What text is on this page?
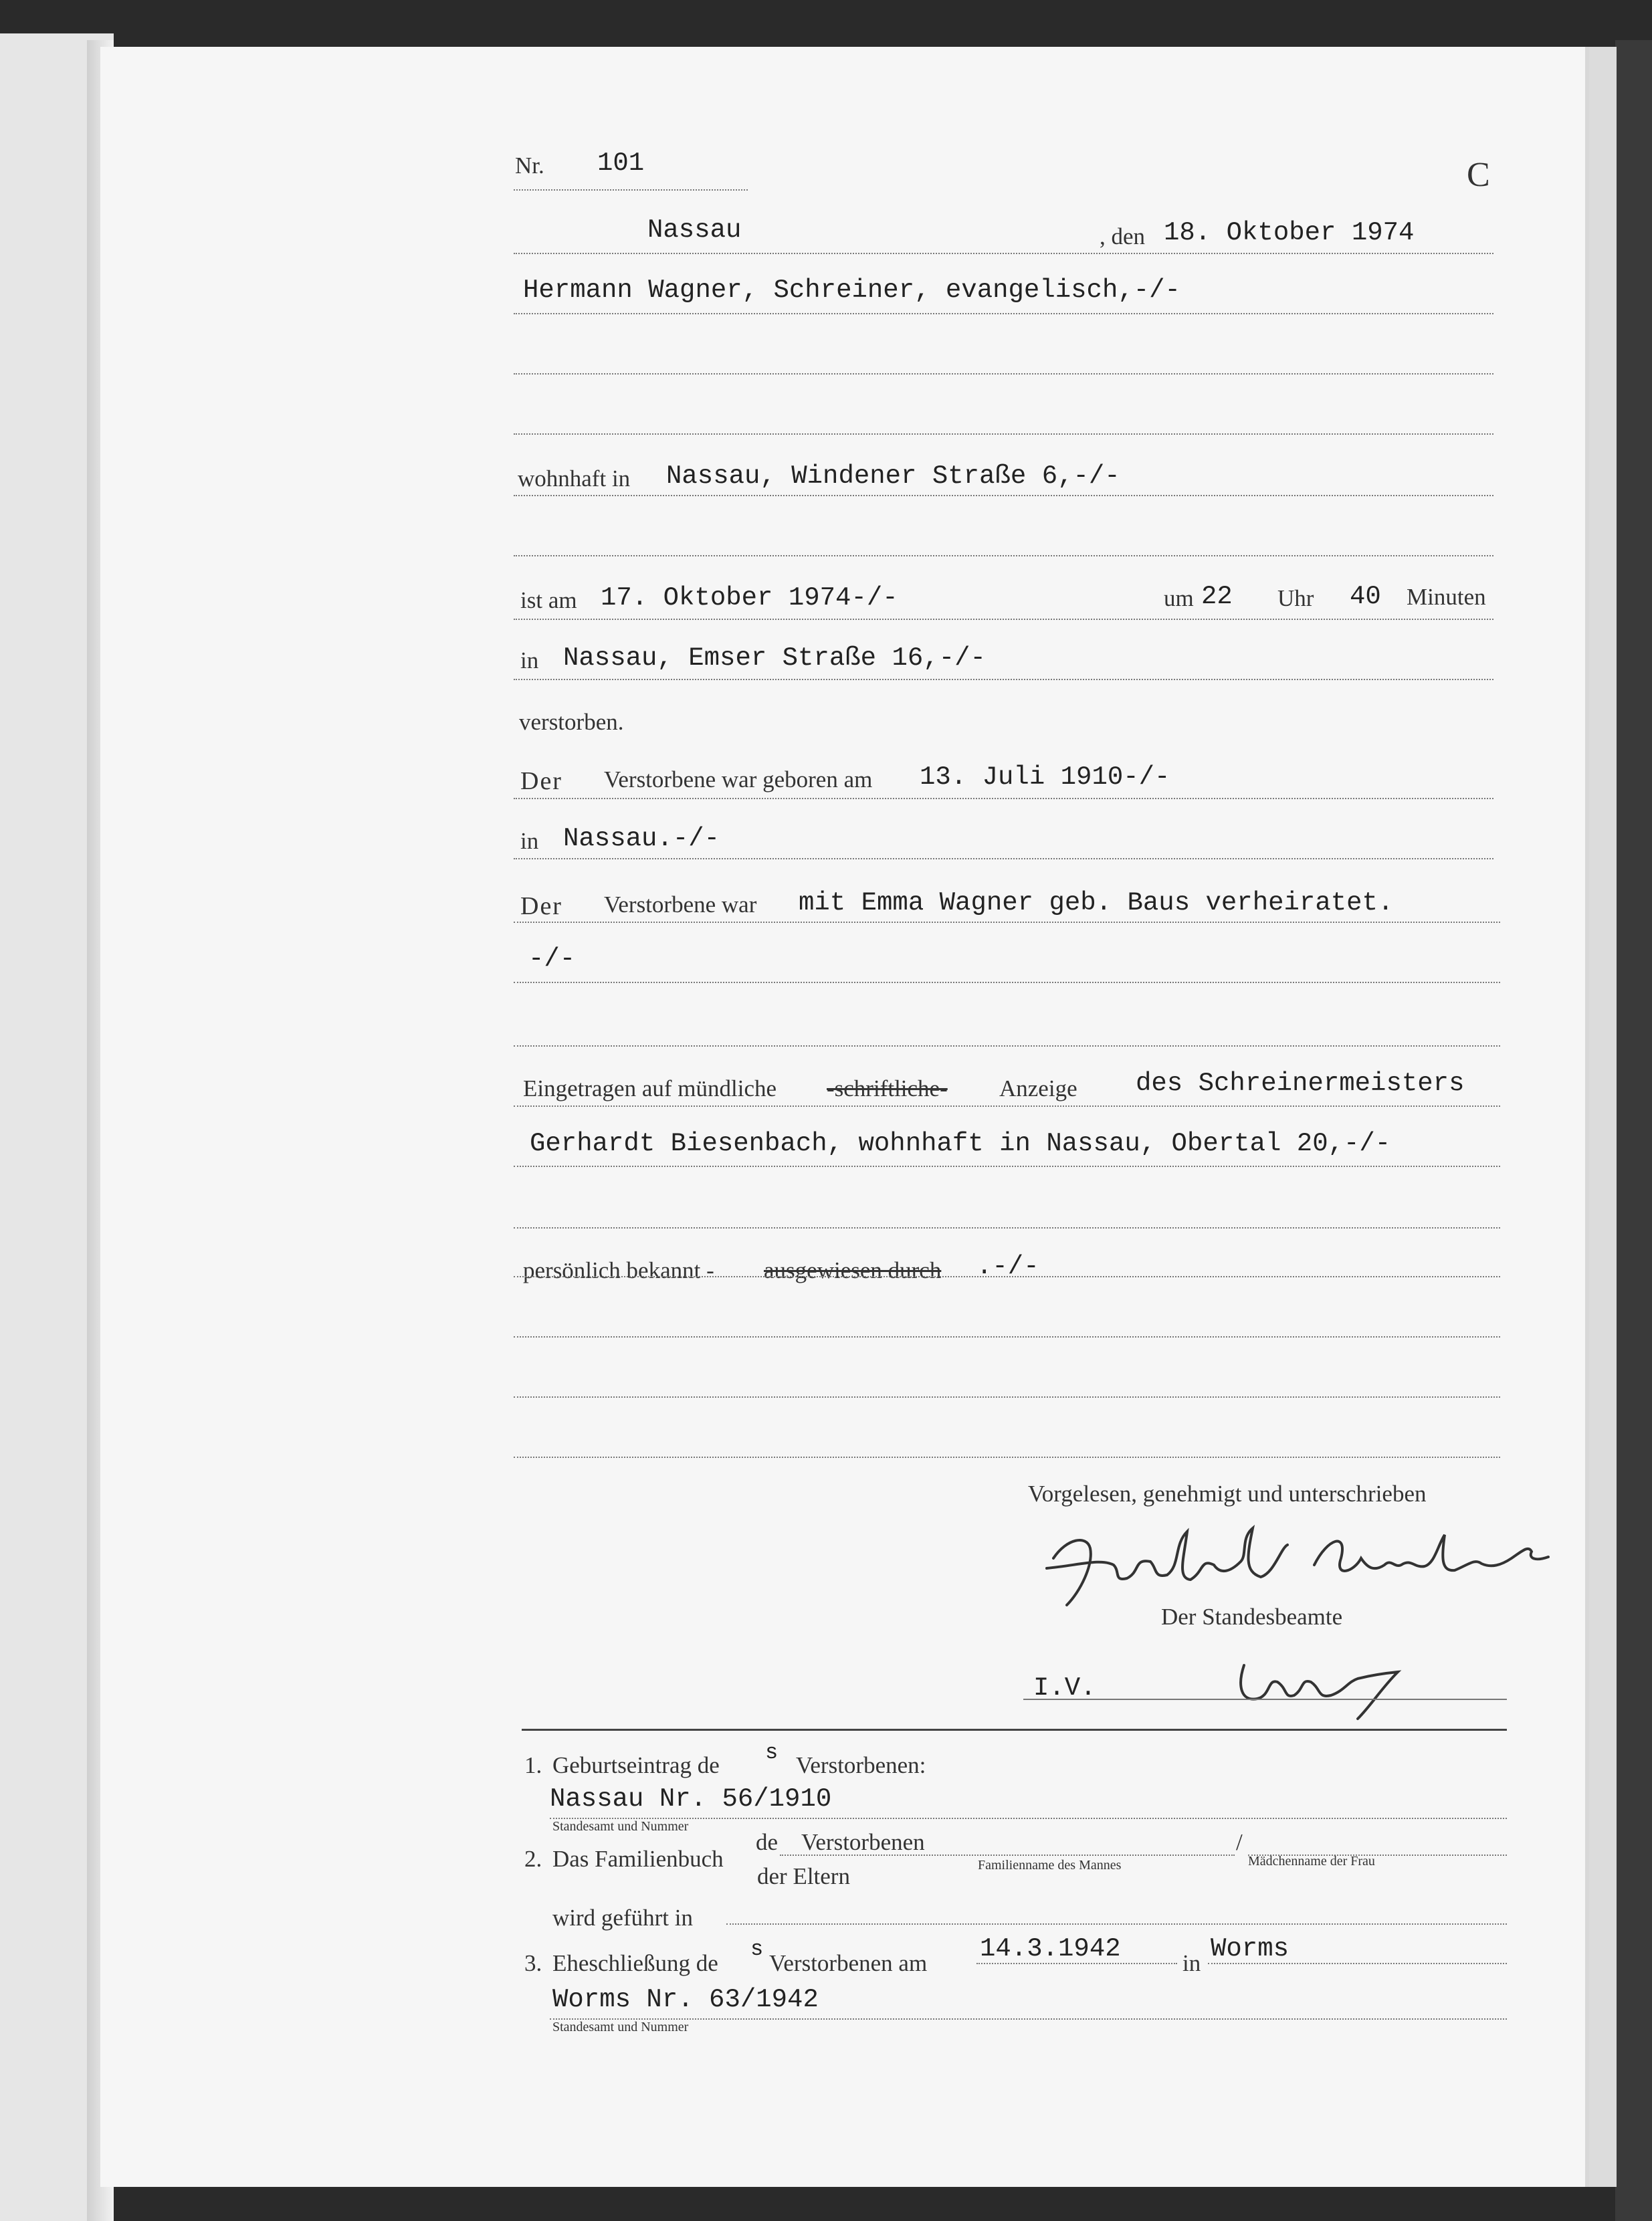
Nr. 101	C
Nassau	, den 18. Oktober 1974
Hermann Wagner, Schreiner, evangelisch,-/-
wohnhaft in Nassau, Windener Straße 6,-/-
ist am 17. Oktober 1974-/-	um 22 Uhr 40 Minuten
in Nassau, Emser Straße 16,-/-
verstorben.
Der Verstorbene war geboren am 13. Juli 1910-/-
in Nassau.-/-
Der Verstorbene war mit Emma Wagner geb. Baus verheiratet.
-/-
Eingetragen auf mündliche -schriftliche- Anzeige des Schreinermeisters
Gerhardt Biesenbach, wohnhaft in Nassau, Obertal 20,-/-
persönlich bekannt - ausgewiesen durch .-/-
Vorgelesen, genehmigt und unterschrieben
Der Standesbeamte
I.V.
1. Geburtseintrag de s Verstorbenen:
Nassau Nr. 56/1910
Standesamt und Nummer
2. Das Familienbuch
de Verstorbenen	/
Familienname des Mannes	Mädchenname der Frau
der Eltern
wird geführt in
3. Eheschließung de
s
Verstorbenen am 14.3.1942	in Worms
Worms Nr. 63/1942
Standesamt und Nummer
